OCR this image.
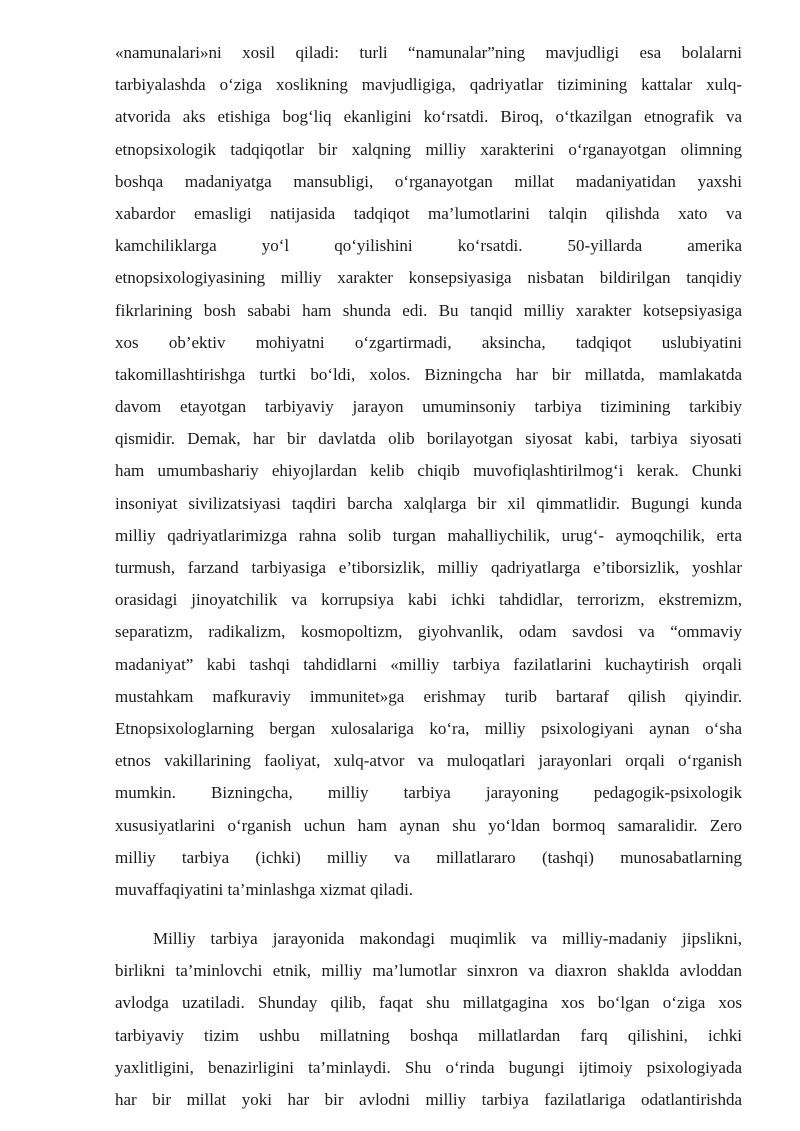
«namunalari»ni xosil qiladi: turli “namunalar”ning mavjudligi esa bolalarni
tarbiyalashda o‘ziga xoslikning mavjudligiga, qadriyatlar tizimining kattalar xulq-
atvorida aks etishiga bog‘liq ekanligini ko‘rsatdi. Biroq, o‘tkazilgan etnografik va
etnopsixologik tadqiqotlar bir xalqning milliy xarakterini o‘rganayotgan olimning
boshqa madaniyatga mansubligi, o‘rganayotgan millat madaniyatidan yaxshi
xabardor emasligi natijasida tadqiqot ma’lumotlarini talqin qilishda xato va
kamchiliklarga yo‘l qo‘yilishini ko‘rsatdi. 50-yillarda amerika
etnopsixologiyasining milliy xarakter konsepsiyasiga nisbatan bildirilgan tanqidiy
fikrlarining bosh sababi ham shunda edi. Bu tanqid milliy xarakter kotsepsiyasiga
xos ob’ektiv mohiyatni o‘zgartirmadi, aksincha, tadqiqot uslubiyatini
takomillashtirishga turtki bo‘ldi, xolos. Bizningcha har bir millatda, mamlakatda
davom etayotgan tarbiyaviy jarayon umuminsoniy tarbiya tizimining tarkibiy
qismidir. Demak, har bir davlatda olib borilayotgan siyosat kabi, tarbiya siyosati
ham umumbashariy ehiyojlardan kelib chiqib muvofiqlashtirilmog‘i kerak. Chunki
insoniyat sivilizatsiyasi taqdiri barcha xalqlarga bir xil qimmatlidir. Bugungi kunda
milliy qadriyatlarimizga rahna solib turgan mahalliychilik, urug‘- aymoqchilik, erta
turmush, farzand tarbiyasiga e’tiborsizlik, milliy qadriyatlarga e’tiborsizlik, yoshlar
orasidagi jinoyatchilik va korrupsiya kabi ichki tahdidlar, terrorizm, ekstremizm,
separatizm, radikalizm, kosmopoltizm, giyohvanlik, odam savdosi va “ommaviy
madaniyat” kabi tashqi tahdidlarni «milliy tarbiya fazilatlarini kuchaytirish orqali
mustahkam mafkuraviy immunitet»ga erishmay turib bartaraf qilish qiyindir.
Etnopsixologlarning bergan xulosalariga ko‘ra, milliy psixologiyani aynan o‘sha
etnos vakillarining faoliyat, xulq-atvor va muloqatlari jarayonlari orqali o‘rganish
mumkin. Bizningcha, milliy tarbiya jarayoning pedagogik-psixologik
xususiyatlarini o‘rganish uchun ham aynan shu yo‘ldan bormoq samaralidir. Zero
milliy tarbiya (ichki) milliy va millatlararo (tashqi) munosabatlarning
muvaffaqiyatini ta’minlashga xizmat qiladi.
Milliy tarbiya jarayonida makondagi muqimlik va milliy-madaniy jipslikni,
birlikni ta’minlovchi etnik, milliy ma’lumotlar sinxron va diaxron shaklda avloddan
avlodga uzatiladi. Shunday qilib, faqat shu millatgagina xos bo‘lgan o‘ziga xos
tarbiyaviy tizim ushbu millatning boshqa millatlardan farq qilishini, ichki
yaxlitligini, benazirligini ta’minlaydi. Shu o‘rinda bugungi ijtimoiy psixologiyada
har bir millat yoki har bir avlodni milliy tarbiya fazilatlariga odatlantirishda
